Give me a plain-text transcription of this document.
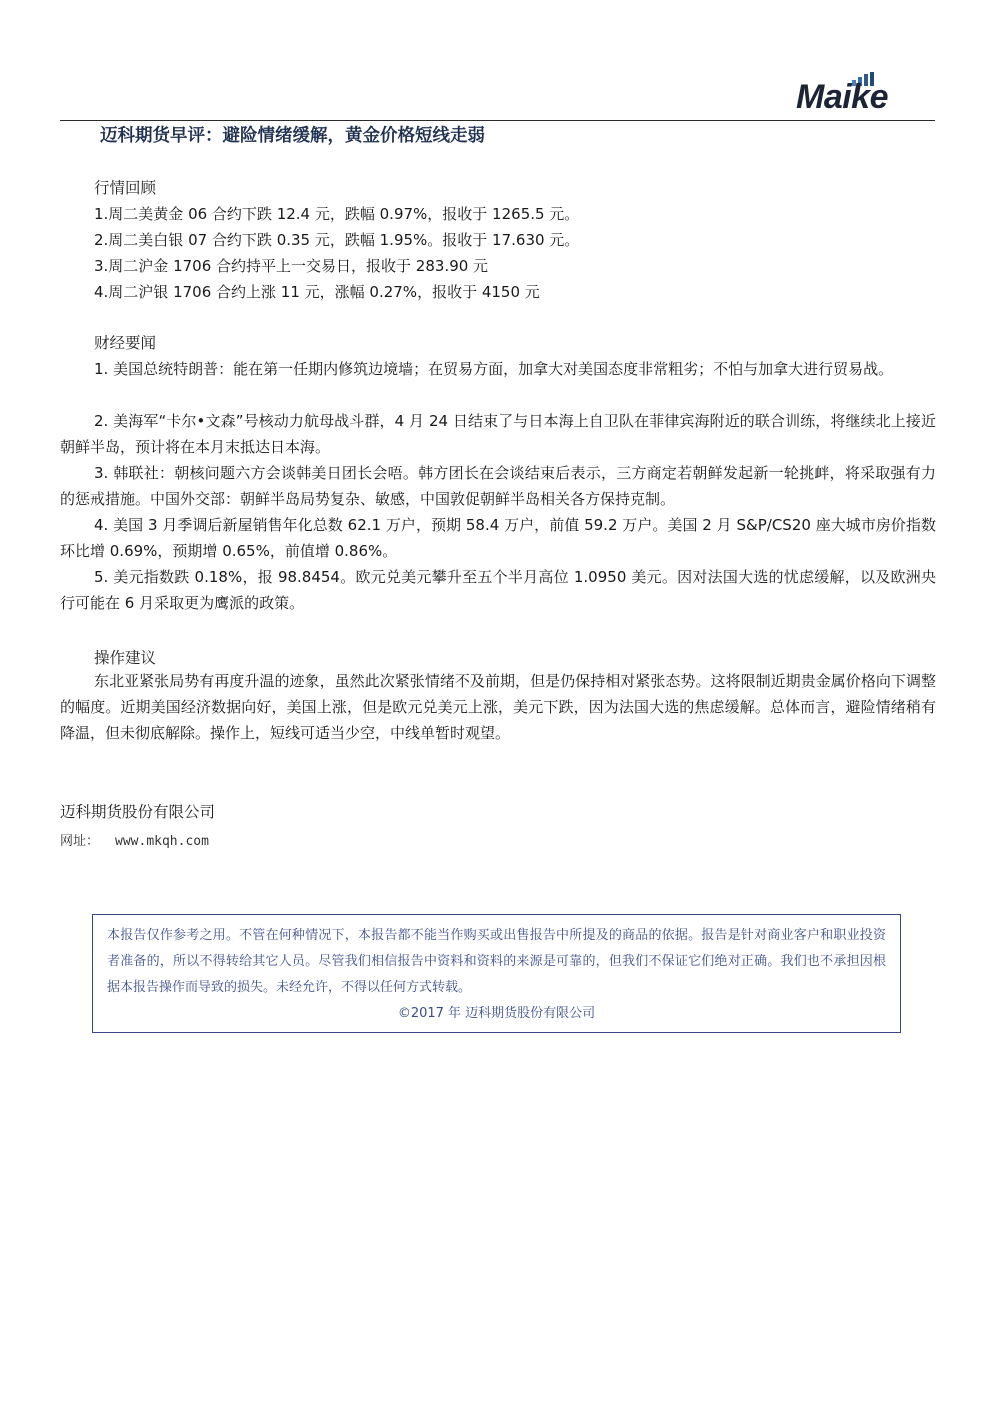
Maike
迈科期货早评：避险情绪缓解，黄金价格短线走弱
行情回顾
1.周二美黄金 06 合约下跌 12.4 元，跌幅 0.97%，报收于 1265.5 元。
2.周二美白银 07 合约下跌 0.35 元，跌幅 1.95%。报收于 17.630 元。
3.周二沪金 1706 合约持平上一交易日，报收于 283.90 元
4.周二沪银 1706 合约上涨 11 元，涨幅 0.27%，报收于 4150 元
财经要闻
1. 美国总统特朗普：能在第一任期内修筑边境墙；在贸易方面，加拿大对美国态度非常粗劣；不怕与加拿大进行贸易战。
2. 美海军“卡尔•文森”号核动力航母战斗群，4 月 24 日结束了与日本海上自卫队在菲律宾海附近的联合训练，将继续北上接近朝鲜半岛，预计将在本月末抵达日本海。
3. 韩联社：朝核问题六方会谈韩美日团长会唔。韩方团长在会谈结束后表示，三方商定若朝鲜发起新一轮挑衅，将采取强有力的惩戒措施。中国外交部：朝鲜半岛局势复杂、敏感，中国敦促朝鲜半岛相关各方保持克制。
4. 美国 3 月季调后新屋销售年化总数 62.1 万户，预期 58.4 万户，前值 59.2 万户。美国 2 月 S&P/CS20 座大城市房价指数环比增 0.69%，预期增 0.65%，前值增 0.86%。
5. 美元指数跌 0.18%，报 98.8454。欧元兑美元攀升至五个半月高位 1.0950 美元。因对法国大选的忧虑缓解，以及欧洲央行可能在 6 月采取更为鹰派的政策。
操作建议
东北亚紧张局势有再度升温的迹象，虽然此次紧张情绪不及前期，但是仍保持相对紧张态势。这将限制近期贵金属价格向下调整的幅度。近期美国经济数据向好，美国上涨，但是欧元兑美元上涨，美元下跌，因为法国大选的焦虑缓解。总体而言，避险情绪稍有降温，但未彻底解除。操作上，短线可适当少空，中线单暂时观望。
迈科期货股份有限公司
网址： www.mkqh.com

本报告仅作参考之用。不管在何种情况下，本报告都不能当作购买或出售报告中所提及的商品的依据。报告是针对商业客户和职业投资者准备的，所以不得转给其它人员。尽管我们相信报告中资料和资料的来源是可靠的，但我们不保证它们绝对正确。我们也不承担因根据本报告操作而导致的损失。未经允许，不得以任何方式转载。

©2017 年 迈科期货股份有限公司
